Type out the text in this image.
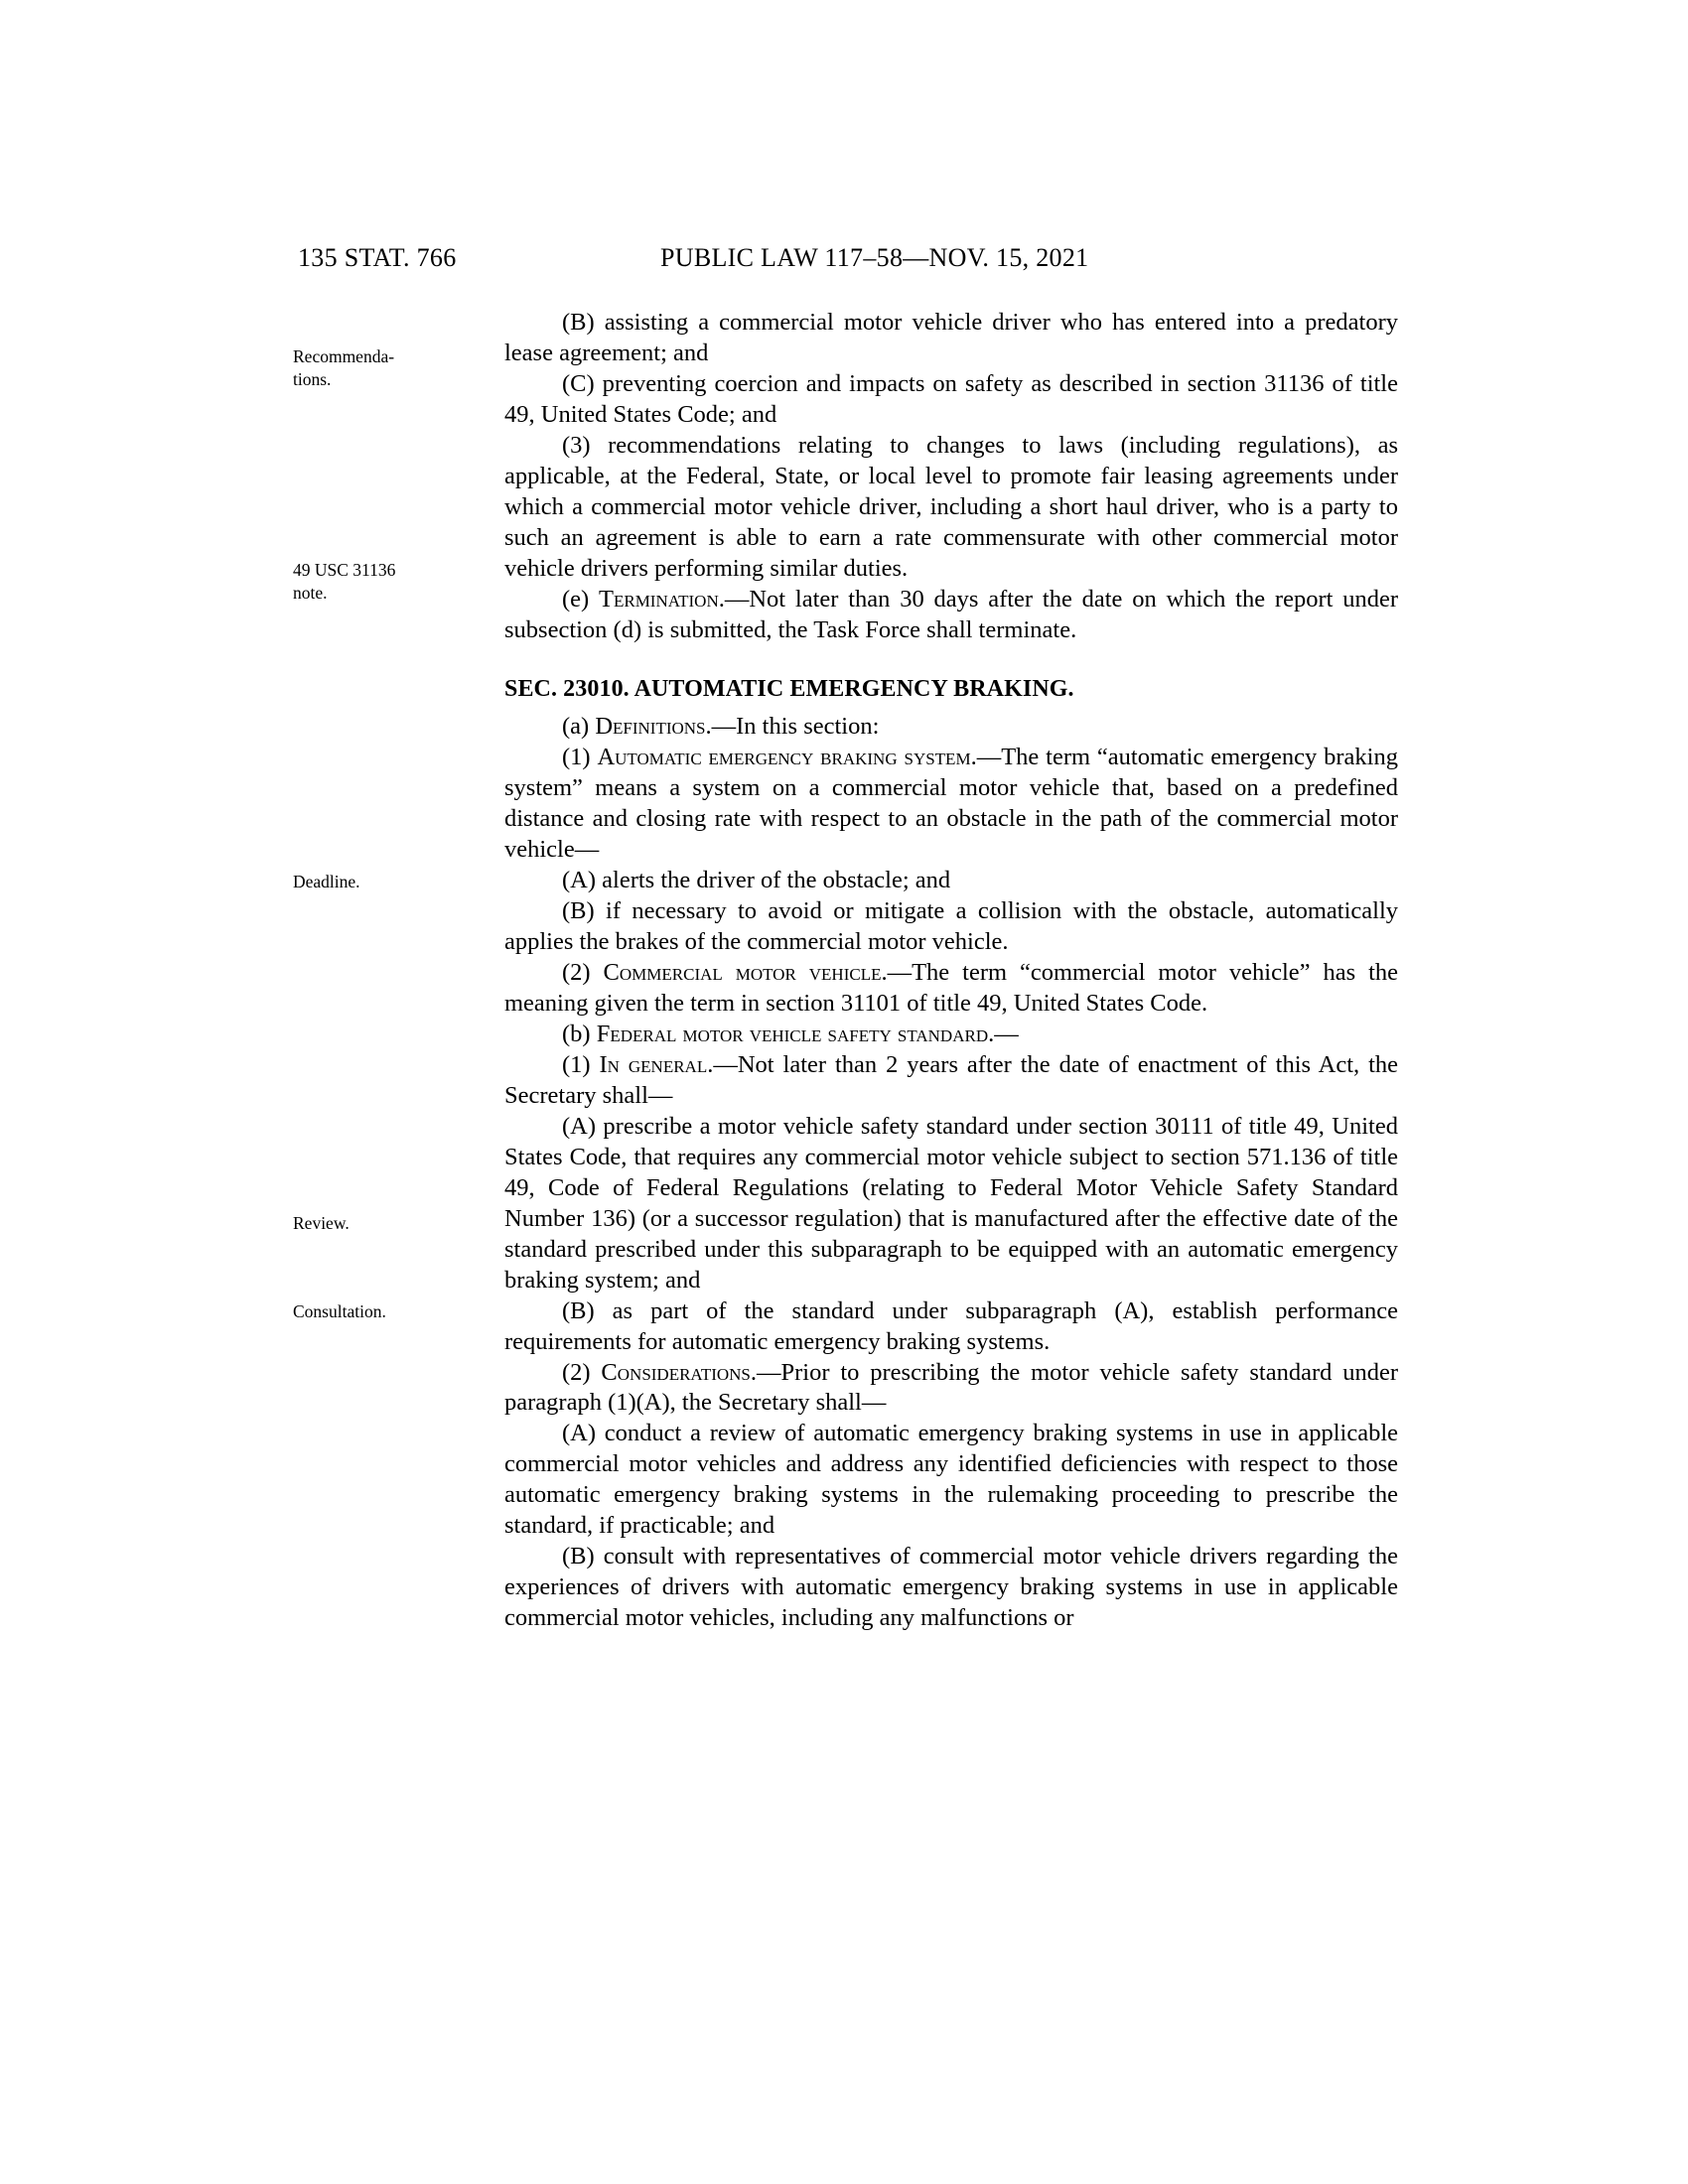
135 STAT. 766	PUBLIC LAW 117–58—NOV. 15, 2021
Recommenda-
tions.
49 USC 31136
note.
Deadline.
Review.
Consultation.

(B) assisting a commercial motor vehicle driver who has entered into a predatory lease agreement; and

(C) preventing coercion and impacts on safety as described in section 31136 of title 49, United States Code; and

(3) recommendations relating to changes to laws (including regulations), as applicable, at the Federal, State, or local level to promote fair leasing agreements under which a commercial motor vehicle driver, including a short haul driver, who is a party to such an agreement is able to earn a rate commensurate with other commercial motor vehicle drivers performing similar duties.

(e) Termination.—Not later than 30 days after the date on which the report under subsection (d) is submitted, the Task Force shall terminate.

SEC. 23010. AUTOMATIC EMERGENCY BRAKING.

(a) Definitions.—In this section:

(1) Automatic emergency braking system.—The term “automatic emergency braking system” means a system on a commercial motor vehicle that, based on a predefined distance and closing rate with respect to an obstacle in the path of the commercial motor vehicle—

(A) alerts the driver of the obstacle; and

(B) if necessary to avoid or mitigate a collision with the obstacle, automatically applies the brakes of the commercial motor vehicle.

(2) Commercial motor vehicle.—The term “commercial motor vehicle” has the meaning given the term in section 31101 of title 49, United States Code.

(b) Federal motor vehicle safety standard.—

(1) In general.—Not later than 2 years after the date of enactment of this Act, the Secretary shall—

(A) prescribe a motor vehicle safety standard under section 30111 of title 49, United States Code, that requires any commercial motor vehicle subject to section 571.136 of title 49, Code of Federal Regulations (relating to Federal Motor Vehicle Safety Standard Number 136) (or a successor regulation) that is manufactured after the effective date of the standard prescribed under this subparagraph to be equipped with an automatic emergency braking system; and

(B) as part of the standard under subparagraph (A), establish performance requirements for automatic emergency braking systems.

(2) Considerations.—Prior to prescribing the motor vehicle safety standard under paragraph (1)(A), the Secretary shall—

(A) conduct a review of automatic emergency braking systems in use in applicable commercial motor vehicles and address any identified deficiencies with respect to those automatic emergency braking systems in the rulemaking proceeding to prescribe the standard, if practicable; and

(B) consult with representatives of commercial motor vehicle drivers regarding the experiences of drivers with automatic emergency braking systems in use in applicable commercial motor vehicles, including any malfunctions or
